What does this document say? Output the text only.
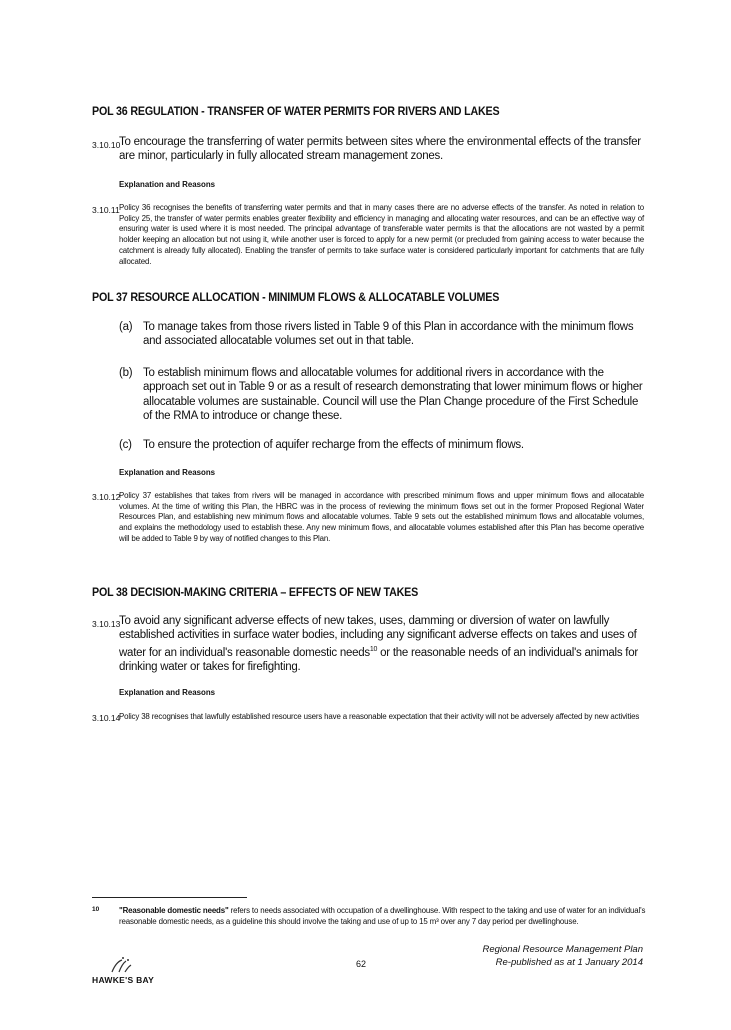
POL 36 REGULATION - TRANSFER OF WATER PERMITS FOR RIVERS AND LAKES
3.10.10
To encourage the transferring of water permits between sites where the environmental effects of the transfer are minor, particularly in fully allocated stream management zones.
Explanation and Reasons
3.10.11 Policy 36 recognises the benefits of transferring water permits and that in many cases there are no adverse effects of the transfer. As noted in relation to Policy 25, the transfer of water permits enables greater flexibility and efficiency in managing and allocating water resources, and can be an effective way of ensuring water is used where it is most needed. The principal advantage of transferable water permits is that the allocations are not wasted by a permit holder keeping an allocation but not using it, while another user is forced to apply for a new permit (or precluded from gaining access to water because the catchment is already fully allocated). Enabling the transfer of permits to take surface water is considered particularly important for catchments that are fully allocated.
POL 37 RESOURCE ALLOCATION - MINIMUM FLOWS & ALLOCATABLE VOLUMES
(a) To manage takes from those rivers listed in Table 9 of this Plan in accordance with the minimum flows and associated allocatable volumes set out in that table.
(b) To establish minimum flows and allocatable volumes for additional rivers in accordance with the approach set out in Table 9 or as a result of research demonstrating that lower minimum flows or higher allocatable volumes are sustainable. Council will use the Plan Change procedure of the First Schedule of the RMA to introduce or change these.
(c) To ensure the protection of aquifer recharge from the effects of minimum flows.
Explanation and Reasons
3.10.12
Policy 37 establishes that takes from rivers will be managed in accordance with prescribed minimum flows and upper minimum flows and allocatable volumes. At the time of writing this Plan, the HBRC was in the process of reviewing the minimum flows set out in the former Proposed Regional Water Resources Plan, and establishing new minimum flows and allocatable volumes. Table 9 sets out the established minimum flows and allocatable volumes, and explains the methodology used to establish these. Any new minimum flows, and allocatable volumes established after this Plan has become operative will be added to Table 9 by way of notified changes to this Plan.
POL 38 DECISION-MAKING CRITERIA – EFFECTS OF NEW TAKES
3.10.13
To avoid any significant adverse effects of new takes, uses, damming or diversion of water on lawfully established activities in surface water bodies, including any significant adverse effects on takes and uses of water for an individual's reasonable domestic needs$^{10}$ or the reasonable needs of an individual's animals for drinking water or takes for firefighting.
Explanation and Reasons
3.10.14
Policy 38 recognises that lawfully established resource users have a reasonable expectation that their activity will not be adversely affected by new activities
10	"Reasonable domestic needs" refers to needs associated with occupation of a dwellinghouse. With respect to the taking and use of water for an individual's reasonable domestic needs, as a guideline this should involve the taking and use of up to 15 m³ over any 7 day period per dwellinghouse.
HAWKE'S BAY
62
Regional Resource Management Plan
Re-published as at 1 January 2014
